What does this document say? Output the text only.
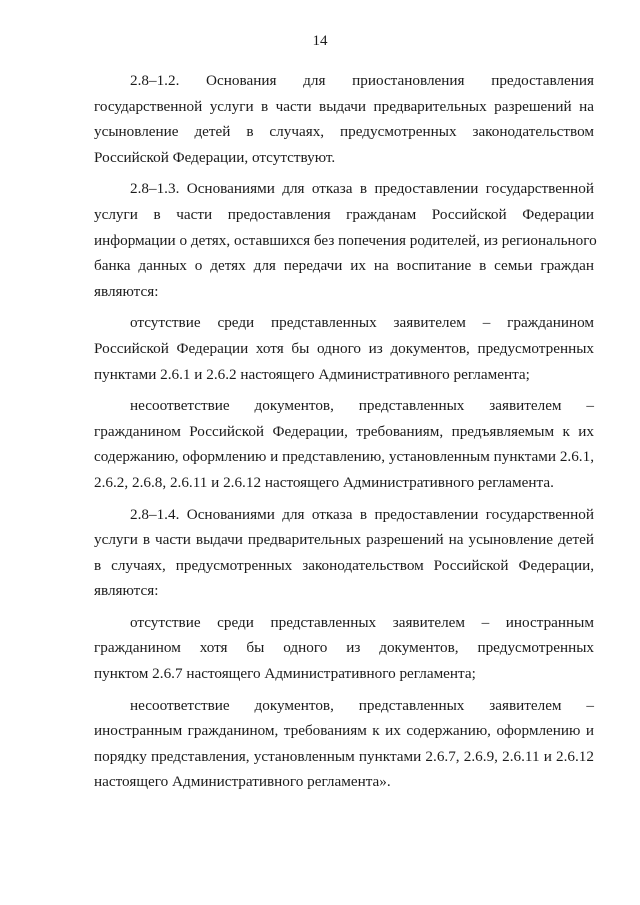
14
2.8–1.2. Основания для приостановления предоставления
государственной услуги в части выдачи предварительных разрешений на
усыновление детей в случаях, предусмотренных законодательством
Российской Федерации, отсутствуют.
2.8–1.3. Основаниями для отказа в предоставлении государственной
услуги в части предоставления гражданам Российской Федерации
информации о детях, оставшихся без попечения родителей, из регионального
банка данных о детях для передачи их на воспитание в семьи граждан
являются:
отсутствие среди представленных заявителем – гражданином
Российской Федерации хотя бы одного из документов, предусмотренных
пунктами 2.6.1 и 2.6.2 настоящего Административного регламента;
несоответствие документов, представленных заявителем –
гражданином Российской Федерации, требованиям, предъявляемым к их
содержанию, оформлению и представлению, установленным пунктами 2.6.1,
2.6.2, 2.6.8, 2.6.11 и 2.6.12 настоящего Административного регламента.
2.8–1.4. Основаниями для отказа в предоставлении государственной
услуги в части выдачи предварительных разрешений на усыновление детей
в случаях, предусмотренных законодательством Российской Федерации,
являются:
отсутствие среди представленных заявителем – иностранным
гражданином хотя бы одного из документов, предусмотренных
пунктом 2.6.7 настоящего Административного регламента;
несоответствие документов, представленных заявителем –
иностранным гражданином, требованиям к их содержанию, оформлению и
порядку представления, установленным пунктами 2.6.7, 2.6.9, 2.6.11 и 2.6.12
настоящего Административного регламента».
